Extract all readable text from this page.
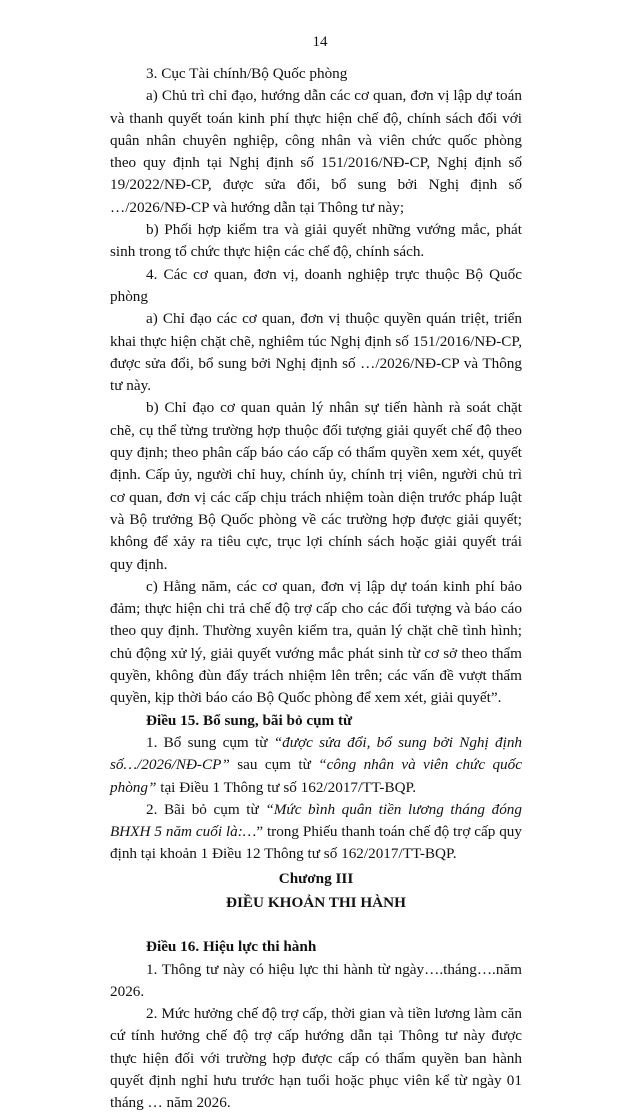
14

3. Cục Tài chính/Bộ Quốc phòng

a) Chủ trì chỉ đạo, hướng dẫn các cơ quan, đơn vị lập dự toán và thanh quyết toán kinh phí thực hiện chế độ, chính sách đối với quân nhân chuyên nghiệp, công nhân và viên chức quốc phòng theo quy định tại Nghị định số 151/2016/NĐ-CP, Nghị định số 19/2022/NĐ-CP, được sửa đổi, bổ sung bởi Nghị định số …/2026/NĐ-CP và hướng dẫn tại Thông tư này;

b) Phối hợp kiểm tra và giải quyết những vướng mắc, phát sinh trong tổ chức thực hiện các chế độ, chính sách.

4. Các cơ quan, đơn vị, doanh nghiệp trực thuộc Bộ Quốc phòng

a) Chỉ đạo các cơ quan, đơn vị thuộc quyền quán triệt, triển khai thực hiện chặt chẽ, nghiêm túc Nghị định số 151/2016/NĐ-CP, được sửa đổi, bổ sung bởi Nghị định số …/2026/NĐ-CP và Thông tư này.

b) Chỉ đạo cơ quan quản lý nhân sự tiến hành rà soát chặt chẽ, cụ thể từng trường hợp thuộc đối tượng giải quyết chế độ theo quy định; theo phân cấp báo cáo cấp có thẩm quyền xem xét, quyết định. Cấp ủy, người chỉ huy, chính ủy, chính trị viên, người chủ trì cơ quan, đơn vị các cấp chịu trách nhiệm toàn diện trước pháp luật và Bộ trưởng Bộ Quốc phòng về các trường hợp được giải quyết; không để xảy ra tiêu cực, trục lợi chính sách hoặc giải quyết trái quy định.

c) Hằng năm, các cơ quan, đơn vị lập dự toán kinh phí bảo đảm; thực hiện chi trả chế độ trợ cấp cho các đối tượng và báo cáo theo quy định. Thường xuyên kiểm tra, quản lý chặt chẽ tình hình; chủ động xử lý, giải quyết vướng mắc phát sinh từ cơ sở theo thẩm quyền, không đùn đẩy trách nhiệm lên trên; các vấn đề vượt thẩm quyền, kịp thời báo cáo Bộ Quốc phòng để xem xét, giải quyết”.

Điều 15. Bổ sung, bãi bỏ cụm từ

1. Bổ sung cụm từ “được sửa đổi, bổ sung bởi Nghị định số…/2026/NĐ-CP” sau cụm từ “công nhân và viên chức quốc phòng” tại Điều 1 Thông tư số 162/2017/TT-BQP.

2. Bãi bỏ cụm từ “Mức bình quân tiền lương tháng đóng BHXH 5 năm cuối là:…” trong Phiếu thanh toán chế độ trợ cấp quy định tại khoản 1 Điều 12 Thông tư số 162/2017/TT-BQP.

Chương III

ĐIỀU KHOẢN THI HÀNH

Điều 16. Hiệu lực thi hành

1. Thông tư này có hiệu lực thi hành từ ngày….tháng….năm 2026.

2. Mức hưởng chế độ trợ cấp, thời gian và tiền lương làm căn cứ tính hưởng chế độ trợ cấp hướng dẫn tại Thông tư này được thực hiện đối với trường hợp được cấp có thẩm quyền ban hành quyết định nghỉ hưu trước hạn tuổi hoặc phục viên kể từ ngày 01 tháng … năm 2026.
